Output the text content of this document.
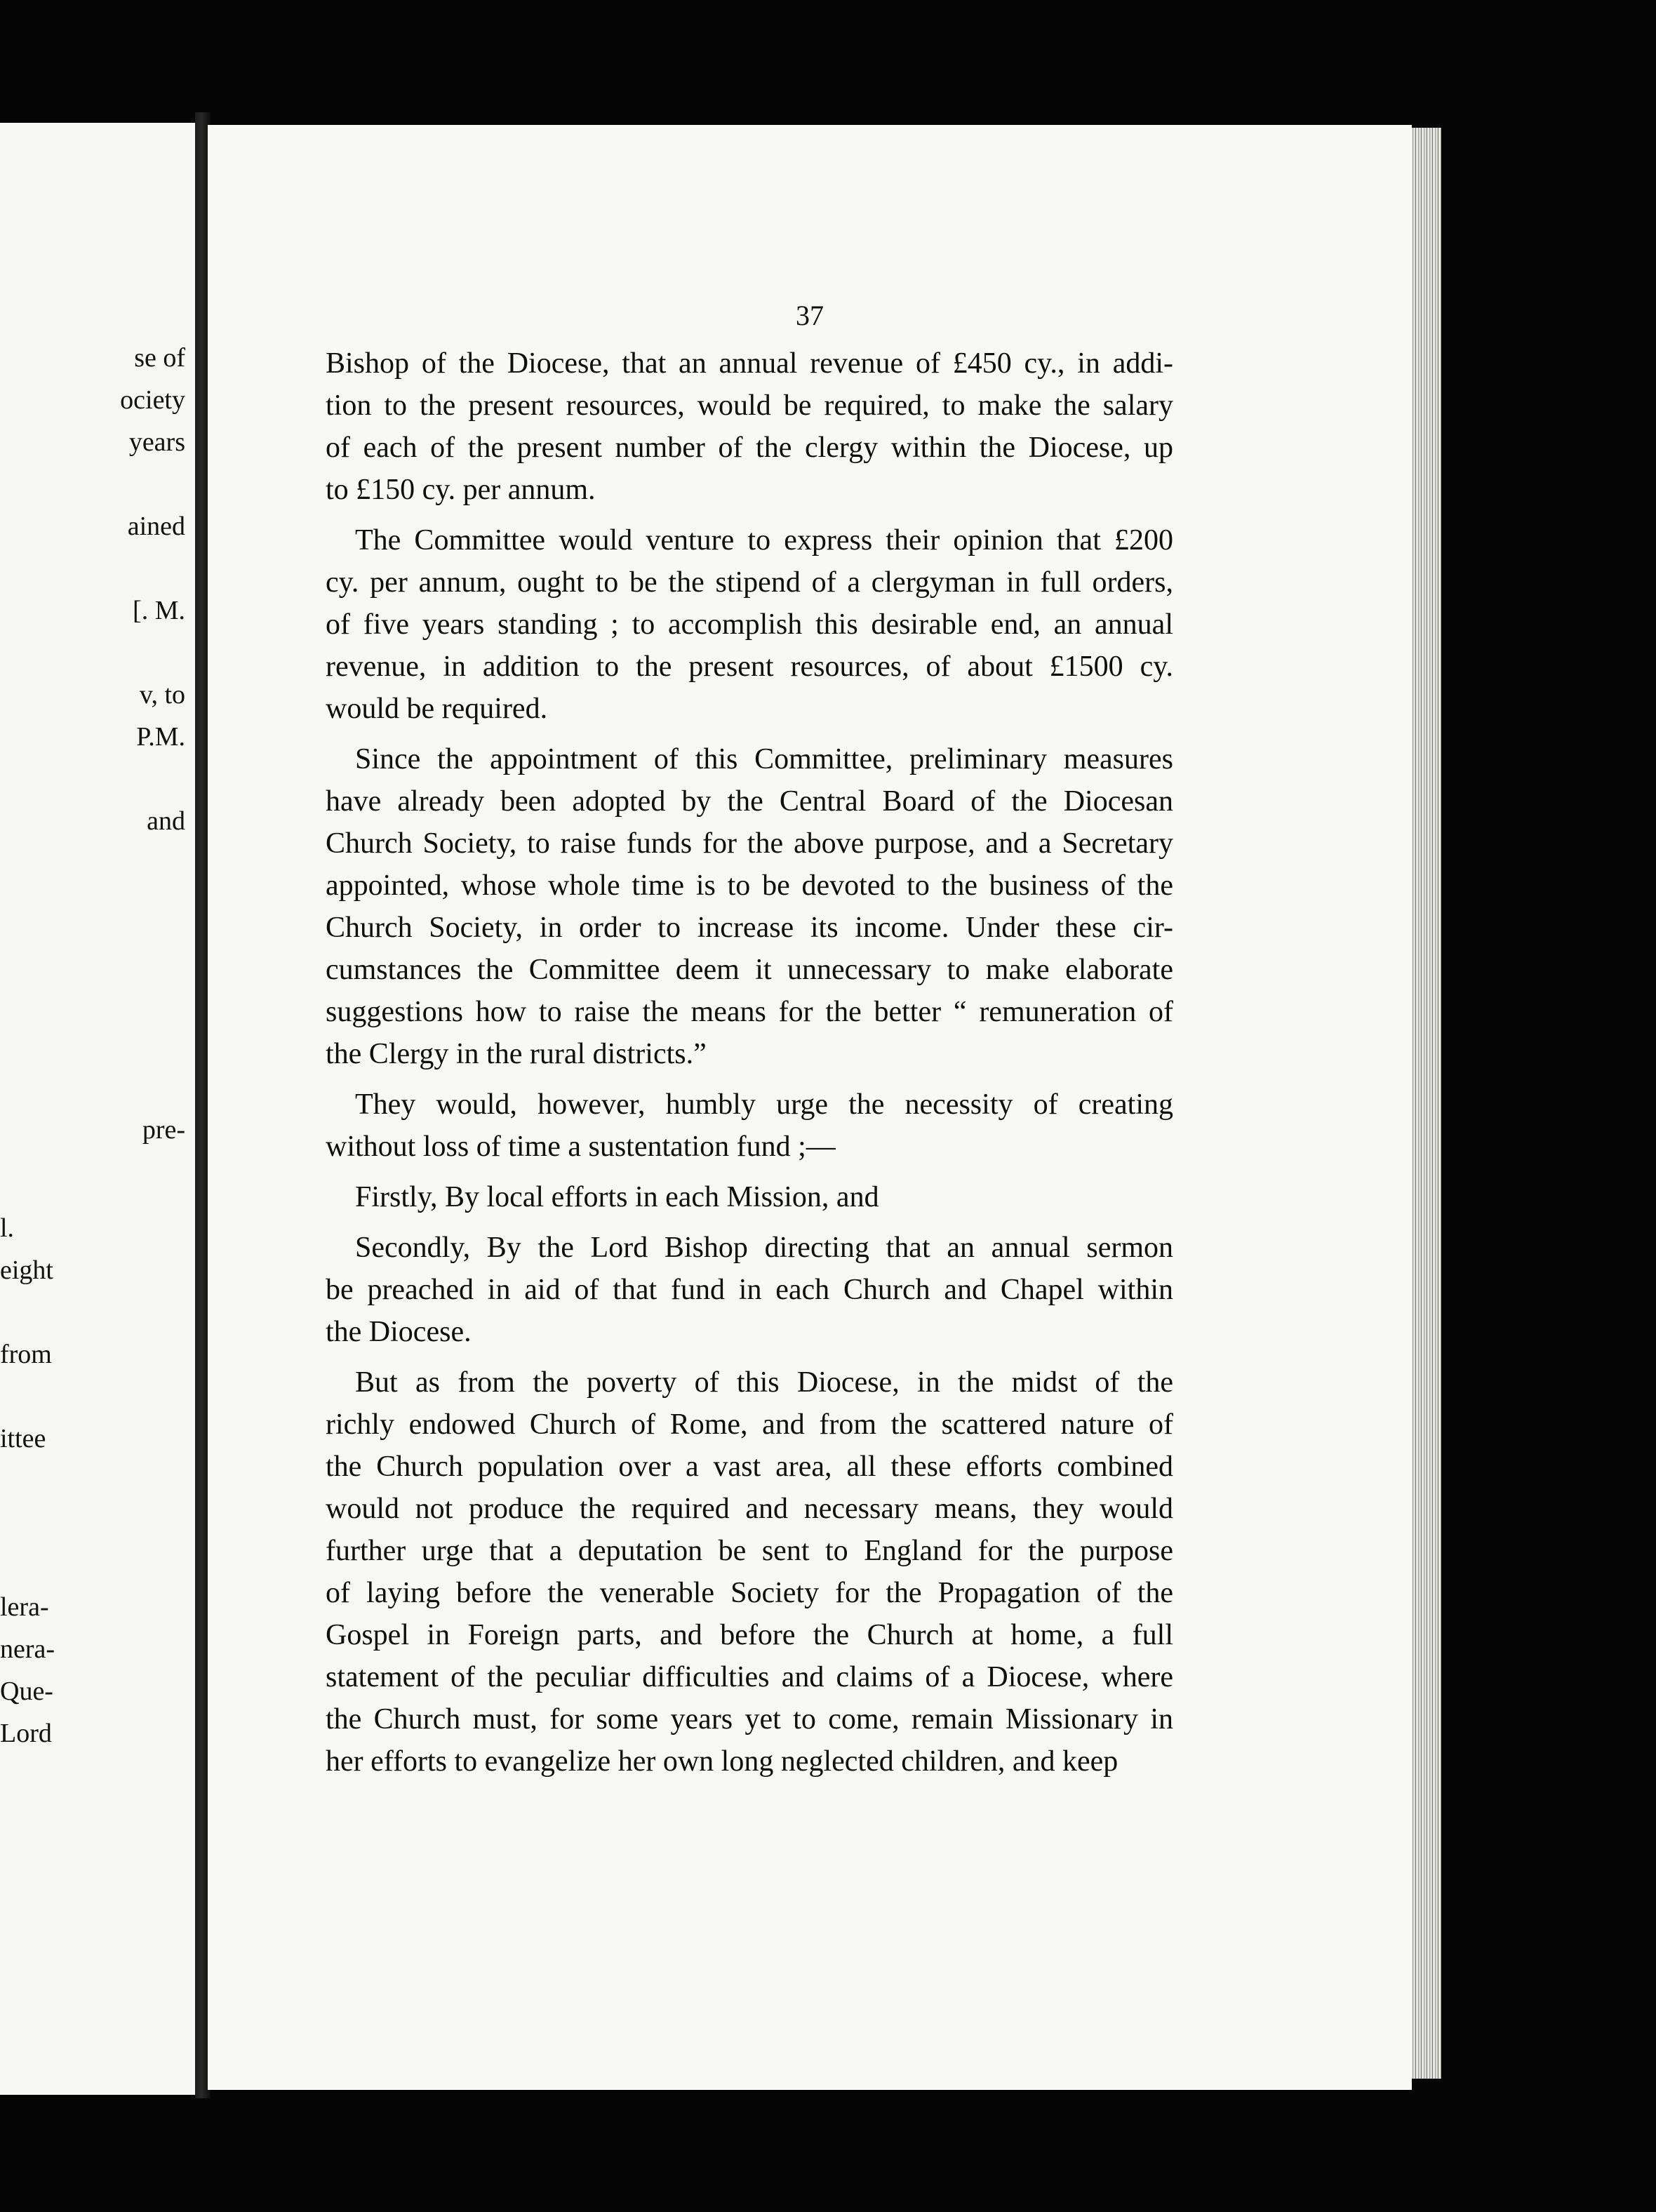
se of
ociety
years
ained
[. M.
v, to
P.M.
and
pre-
l.
eight
from
ittee
lera-
nera-
Que-
Lord
37
Bishop of the Diocese, that an annual revenue of £450 cy., in addi-
tion to the present resources, would be required, to make the salary
of each of the present number of the clergy within the Diocese, up
to £150 cy. per annum.
The Committee would venture to express their opinion that £200
cy. per annum, ought to be the stipend of a clergyman in full orders,
of five years standing ; to accomplish this desirable end, an annual
revenue, in addition to the present resources, of about £1500 cy.
would be required.
Since the appointment of this Committee, preliminary measures
have already been adopted by the Central Board of the Diocesan
Church Society, to raise funds for the above purpose, and a Secretary
appointed, whose whole time is to be devoted to the business of the
Church Society, in order to increase its income. Under these cir-
cumstances the Committee deem it unnecessary to make elaborate
suggestions how to raise the means for the better “ remuneration of
the Clergy in the rural districts.”
They would, however, humbly urge the necessity of creating
without loss of time a sustentation fund ;—
Firstly, By local efforts in each Mission, and
Secondly, By the Lord Bishop directing that an annual sermon
be preached in aid of that fund in each Church and Chapel within
the Diocese.
But as from the poverty of this Diocese, in the midst of the
richly endowed Church of Rome, and from the scattered nature of
the Church population over a vast area, all these efforts combined
would not produce the required and necessary means, they would
further urge that a deputation be sent to England for the purpose
of laying before the venerable Society for the Propagation of the
Gospel in Foreign parts, and before the Church at home, a full
statement of the peculiar difficulties and claims of a Diocese, where
the Church must, for some years yet to come, remain Missionary in
her efforts to evangelize her own long neglected children, and keep
